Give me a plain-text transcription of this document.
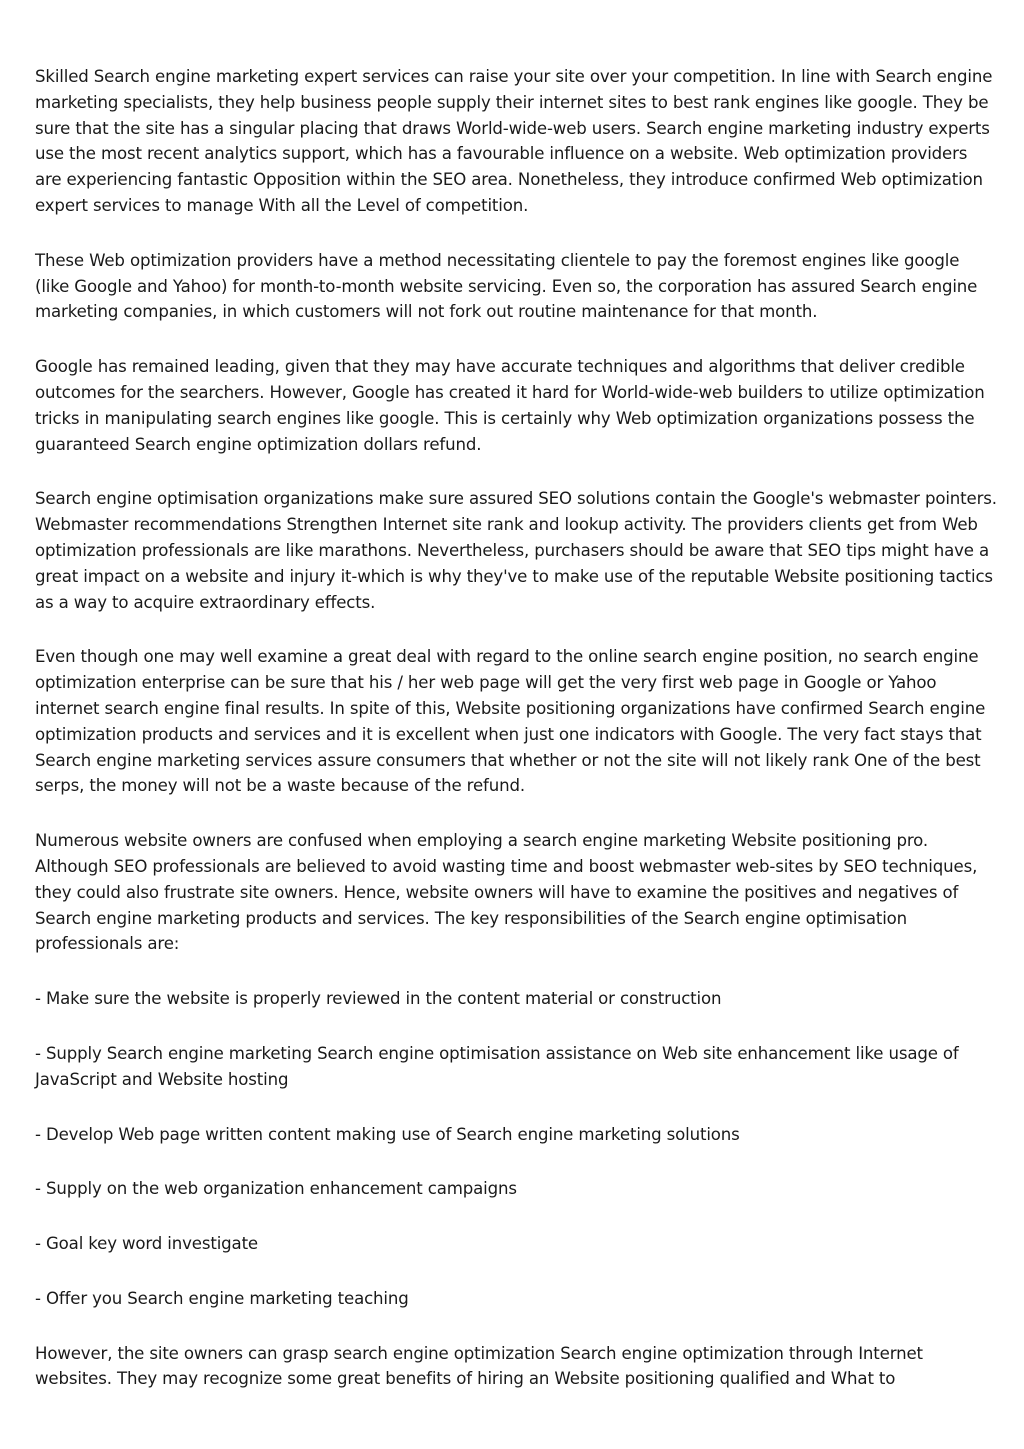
Skilled Search engine marketing expert services can raise your site over your competition. In line with Search engine marketing specialists, they help business people supply their internet sites to best rank engines like google. They be sure that the site has a singular placing that draws World-wide-web users. Search engine marketing industry experts use the most recent analytics support, which has a favourable influence on a website. Web optimization providers are experiencing fantastic Opposition within the SEO area. Nonetheless, they introduce confirmed Web optimization expert services to manage With all the Level of competition.

These Web optimization providers have a method necessitating clientele to pay the foremost engines like google (like Google and Yahoo) for month-to-month website servicing. Even so, the corporation has assured Search engine marketing companies, in which customers will not fork out routine maintenance for that month.

Google has remained leading, given that they may have accurate techniques and algorithms that deliver credible outcomes for the searchers. However, Google has created it hard for World-wide-web builders to utilize optimization tricks in manipulating search engines like google. This is certainly why Web optimization organizations possess the guaranteed Search engine optimization dollars refund.

Search engine optimisation organizations make sure assured SEO solutions contain the Google's webmaster pointers. Webmaster recommendations Strengthen Internet site rank and lookup activity. The providers clients get from Web optimization professionals are like marathons. Nevertheless, purchasers should be aware that SEO tips might have a great impact on a website and injury it-which is why they've to make use of the reputable Website positioning tactics as a way to acquire extraordinary effects.

Even though one may well examine a great deal with regard to the online search engine position, no search engine optimization enterprise can be sure that his / her web page will get the very first web page in Google or Yahoo internet search engine final results. In spite of this, Website positioning organizations have confirmed Search engine optimization products and services and it is excellent when just one indicators with Google. The very fact stays that Search engine marketing services assure consumers that whether or not the site will not likely rank One of the best serps, the money will not be a waste because of the refund.

Numerous website owners are confused when employing a search engine marketing Website positioning pro. Although SEO professionals are believed to avoid wasting time and boost webmaster web-sites by SEO techniques, they could also frustrate site owners. Hence, website owners will have to examine the positives and negatives of Search engine marketing products and services. The key responsibilities of the Search engine optimisation professionals are:

- Make sure the website is properly reviewed in the content material or construction

- Supply Search engine marketing Search engine optimisation assistance on Web site enhancement like usage of JavaScript and Website hosting

- Develop Web page written content making use of Search engine marketing solutions

- Supply on the web organization enhancement campaigns

- Goal key word investigate

- Offer you Search engine marketing teaching

However, the site owners can grasp search engine optimization Search engine optimization through Internet websites. They may recognize some great benefits of hiring an Website positioning qualified and What to
